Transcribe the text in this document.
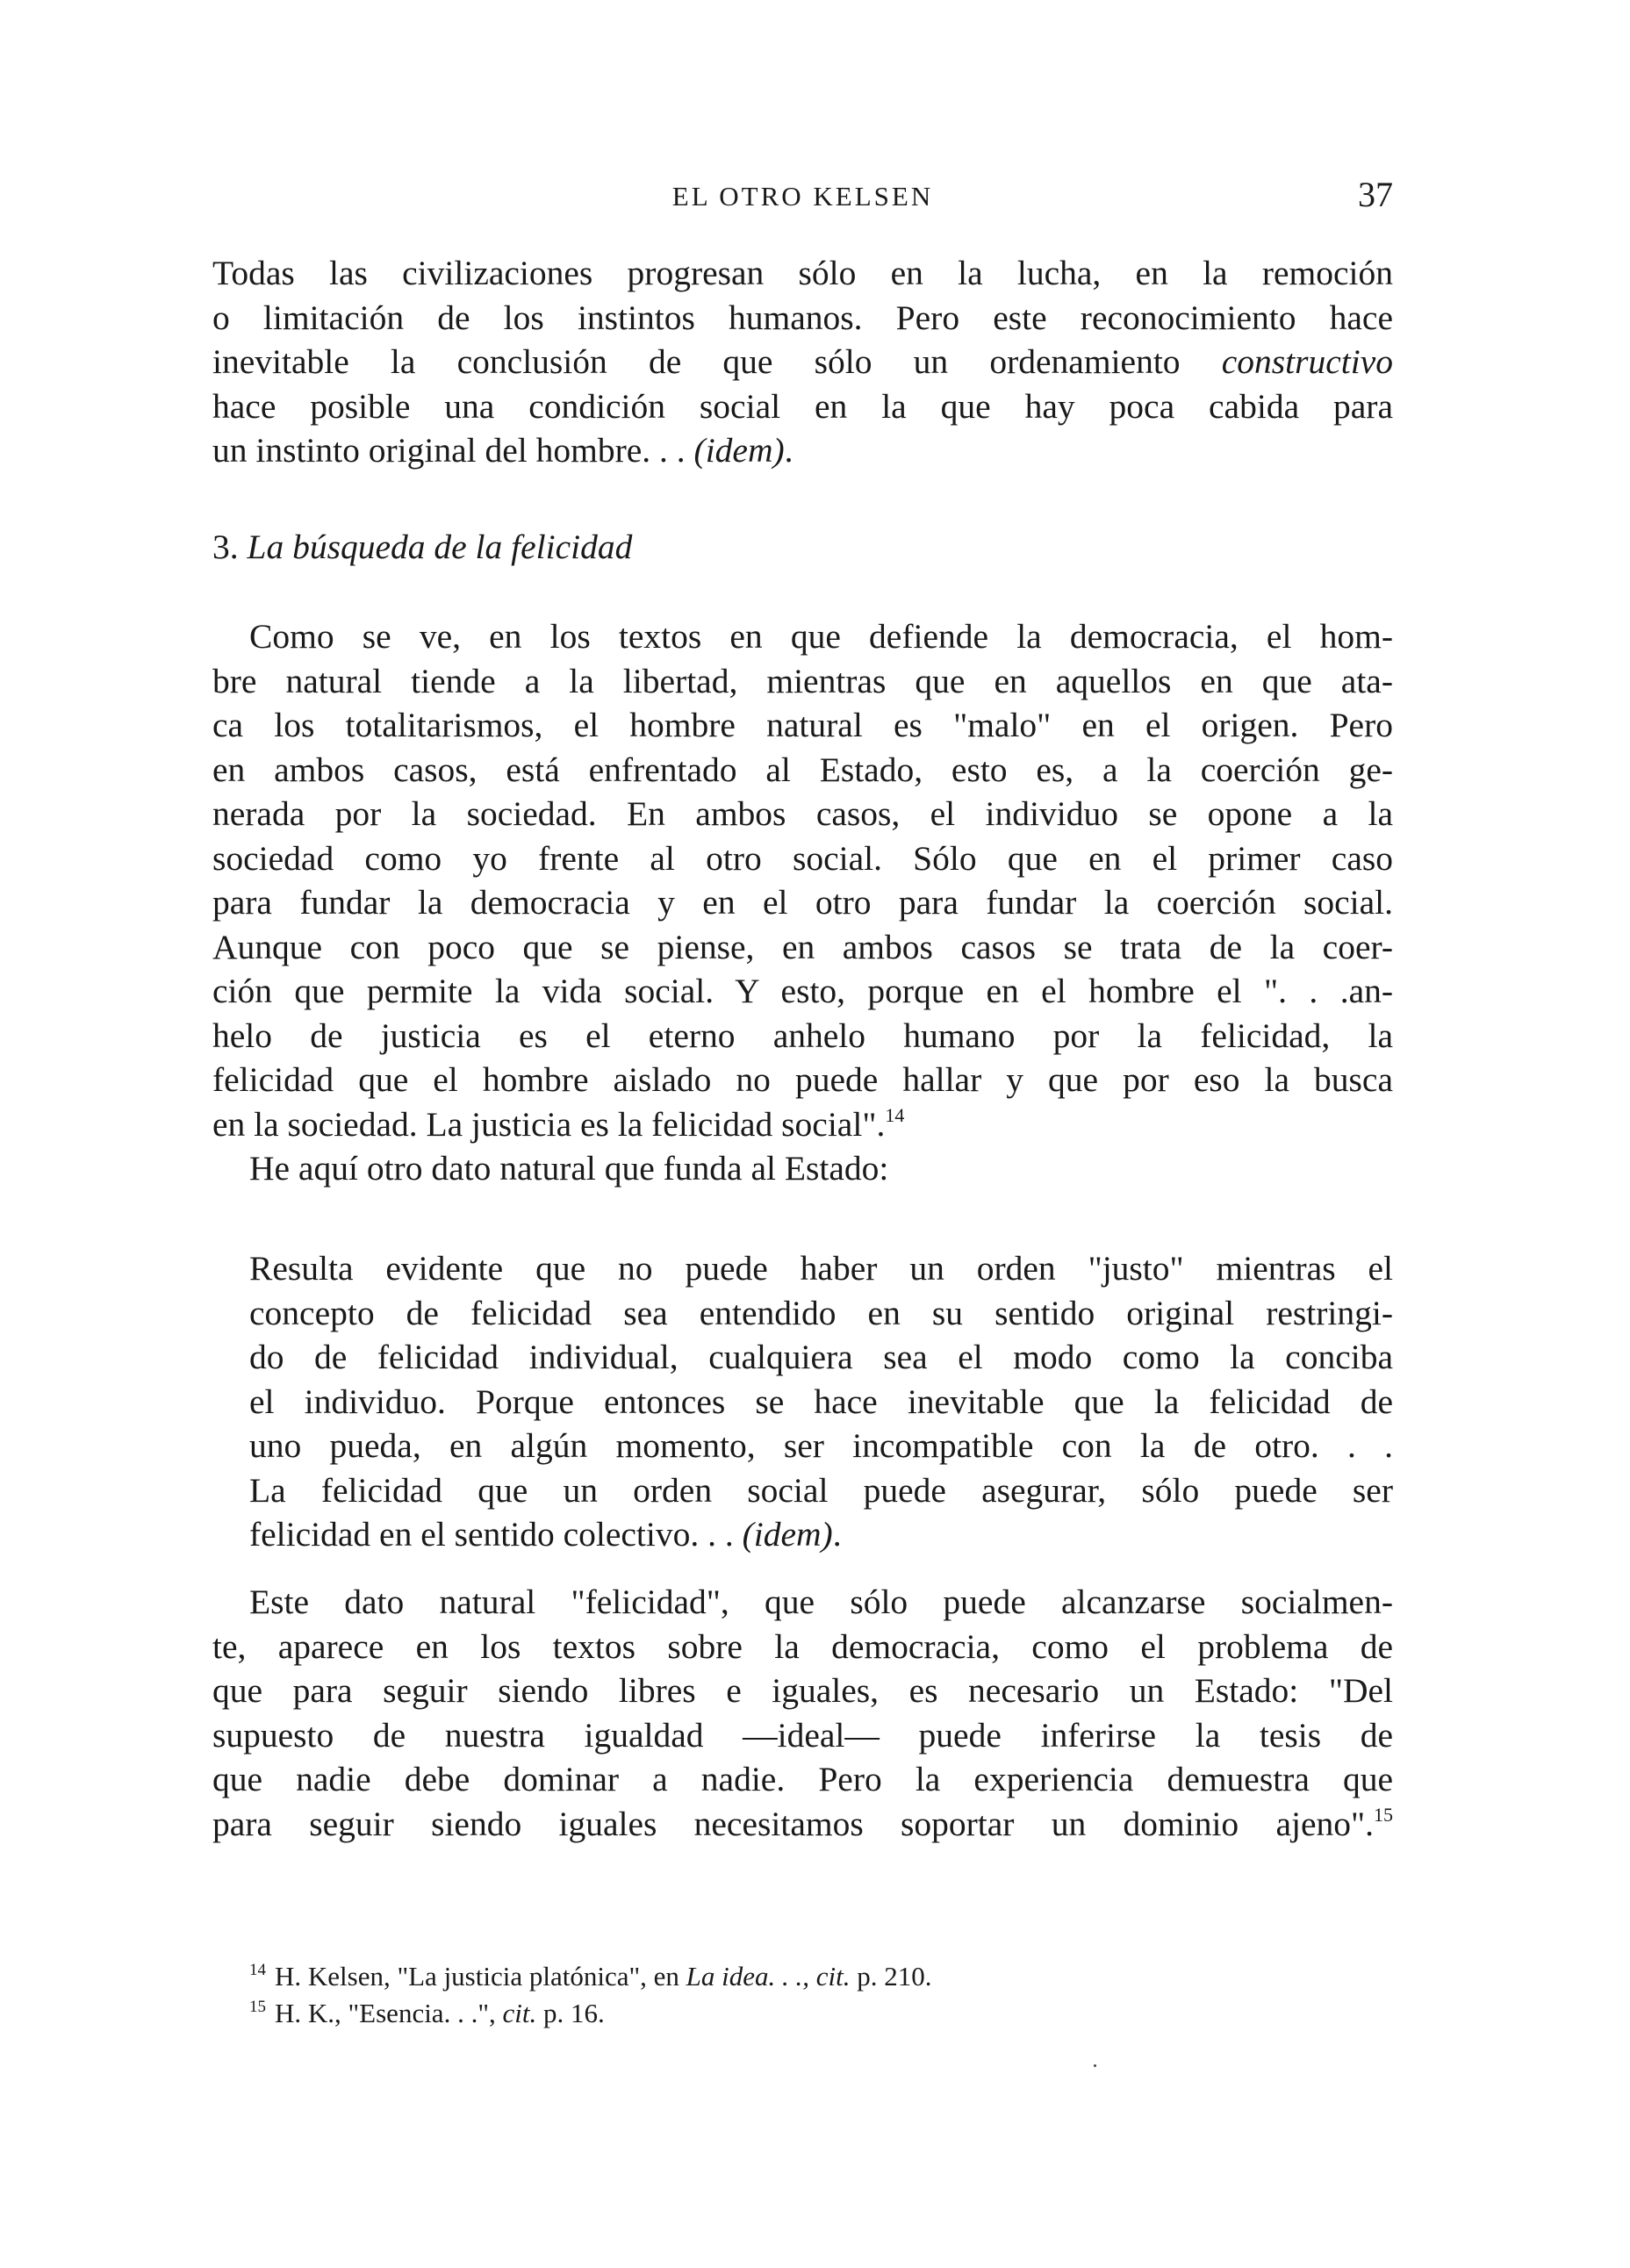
EL OTRO KELSEN	37
Todas las civilizaciones progresan sólo en la lucha, en la remoción
o limitación de los instintos humanos. Pero este reconocimiento hace
inevitable la conclusión de que sólo un ordenamiento constructivo
hace posible una condición social en la que hay poca cabida para
un instinto original del hombre. . . (idem).
3. La búsqueda de la felicidad
Como se ve, en los textos en que defiende la democracia, el hom-
bre natural tiende a la libertad, mientras que en aquellos en que ata-
ca los totalitarismos, el hombre natural es "malo" en el origen. Pero
en ambos casos, está enfrentado al Estado, esto es, a la coerción ge-
nerada por la sociedad. En ambos casos, el individuo se opone a la
sociedad como yo frente al otro social. Sólo que en el primer caso
para fundar la democracia y en el otro para fundar la coerción social.
Aunque con poco que se piense, en ambos casos se trata de la coer-
ción que permite la vida social. Y esto, porque en el hombre el ". . .an-
helo de justicia es el eterno anhelo humano por la felicidad, la
felicidad que el hombre aislado no puede hallar y que por eso la busca
en la sociedad. La justicia es la felicidad social".$^{14}$
He aquí otro dato natural que funda al Estado:
Resulta evidente que no puede haber un orden "justo" mientras el
concepto de felicidad sea entendido en su sentido original restringi-
do de felicidad individual, cualquiera sea el modo como la conciba
el individuo. Porque entonces se hace inevitable que la felicidad de
uno pueda, en algún momento, ser incompatible con la de otro. . .
La felicidad que un orden social puede asegurar, sólo puede ser
felicidad en el sentido colectivo. . . (idem).
Este dato natural "felicidad", que sólo puede alcanzarse socialmen-
te, aparece en los textos sobre la democracia, como el problema de
que para seguir siendo libres e iguales, es necesario un Estado: "Del
supuesto de nuestra igualdad —ideal— puede inferirse la tesis de
que nadie debe dominar a nadie. Pero la experiencia demuestra que
para seguir siendo iguales necesitamos soportar un dominio ajeno".$^{15}$
$^{14}$ H. Kelsen, "La justicia platónica", en La idea. . ., cit. p. 210.
$^{15}$ H. K., "Esencia. . .", cit. p. 16.
